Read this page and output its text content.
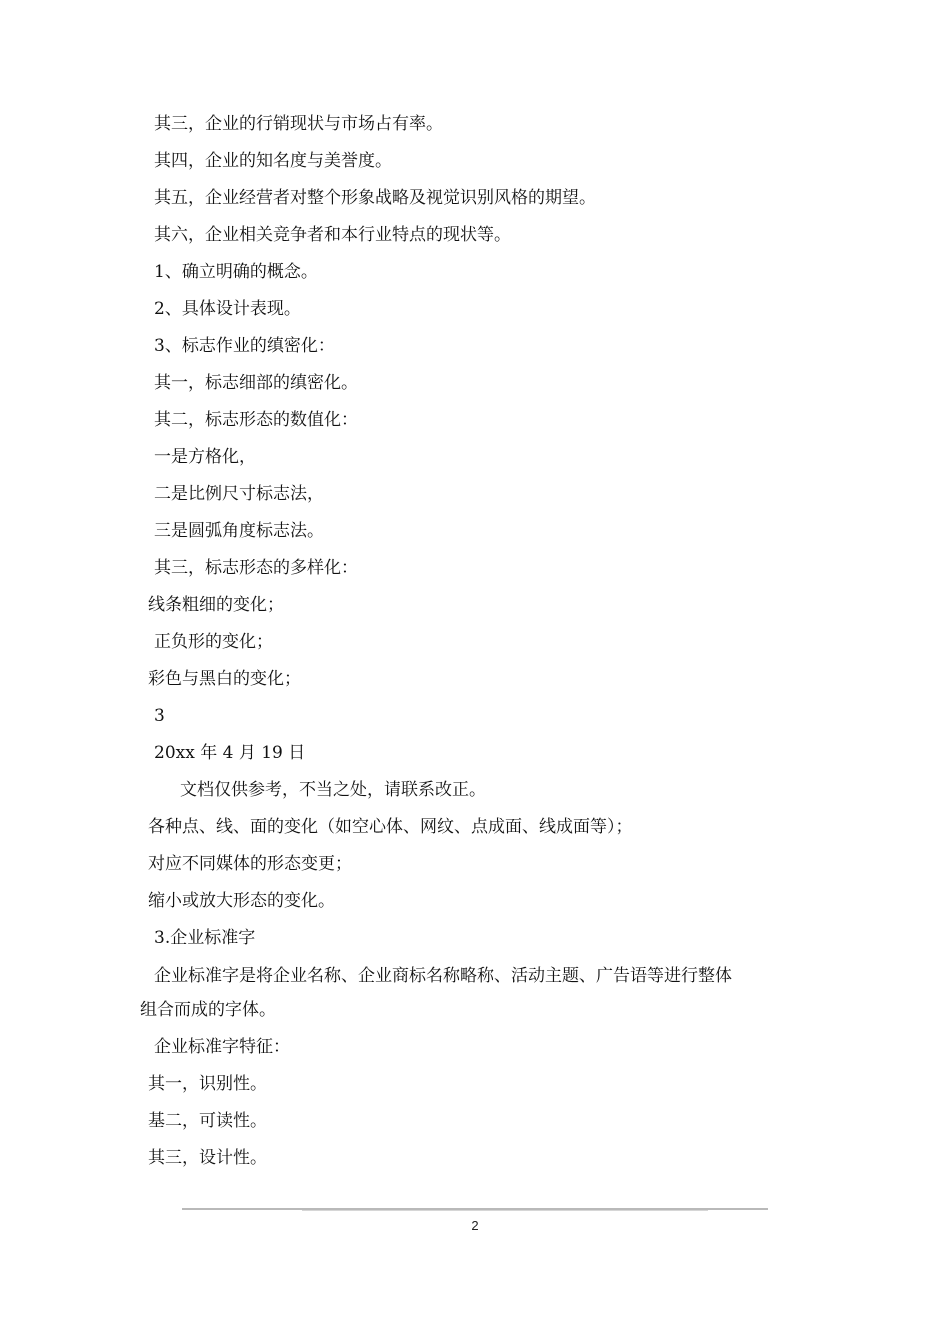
其三，企业的行销现状与市场占有率。
其四，企业的知名度与美誉度。
其五，企业经营者对整个形象战略及视觉识别风格的期望。
其六，企业相关竞争者和本行业特点的现状等。
1、确立明确的概念。
2、具体设计表现。
3、标志作业的缜密化：
其一，标志细部的缜密化。
其二，标志形态的数值化：
一是方格化，
二是比例尺寸标志法，
三是圆弧角度标志法。
其三，标志形态的多样化：
线条粗细的变化；
正负形的变化；
彩色与黑白的变化；
3
20xx 年 4 月 19 日
文档仅供参考，不当之处，请联系改正。
各种点、线、面的变化（如空心体、网纹、点成面、线成面等）；
对应不同媒体的形态变更；
缩小或放大形态的变化。
3.企业标准字
企业标准字是将企业名称、企业商标名称略称、活动主题、广告语等进行整体
组合而成的字体。
企业标准字特征：
其一，识别性。
基二，可读性。
其三，设计性。
2
